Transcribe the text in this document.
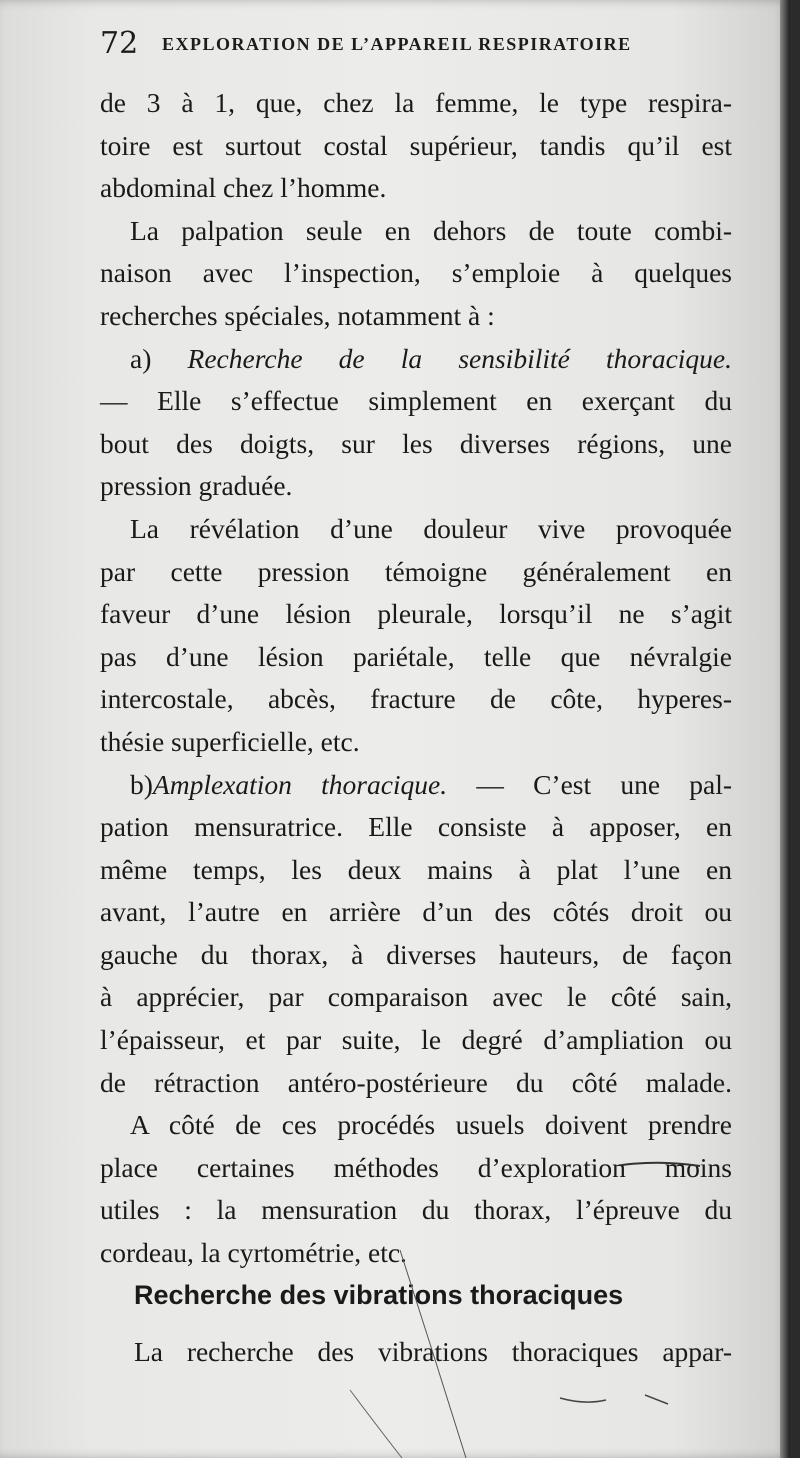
72 EXPLORATION DE L’APPAREIL RESPIRATOIRE
de 3 à 1, que, chez la femme, le type respira-
toire est surtout costal supérieur, tandis qu’il est
abdominal chez l’homme.
La palpation seule en dehors de toute combi-
naison avec l’inspection, s’emploie à quelques
recherches spéciales, notamment à :
a) Recherche de la sensibilité thoracique.
— Elle s’effectue simplement en exerçant du
bout des doigts, sur les diverses régions, une
pression graduée.
La révélation d’une douleur vive provoquée
par cette pression témoigne généralement en
faveur d’une lésion pleurale, lorsqu’il ne s’agit
pas d’une lésion pariétale, telle que névralgie
intercostale, abcès, fracture de côte, hyperes-
thésie superficielle, etc.
b)Amplexation thoracique. — C’est une pal-
pation mensuratrice. Elle consiste à apposer, en
même temps, les deux mains à plat l’une en
avant, l’autre en arrière d’un des côtés droit ou
gauche du thorax, à diverses hauteurs, de façon
à apprécier, par comparaison avec le côté sain,
l’épaisseur, et par suite, le degré d’ampliation ou
de rétraction antéro-postérieure du côté malade.
A côté de ces procédés usuels doivent prendre
place certaines méthodes d’exploration moins
utiles : la mensuration du thorax, l’épreuve du
cordeau, la cyrtométrie, etc.
Recherche des vibrations thoraciques
La recherche des vibrations thoraciques appar-
